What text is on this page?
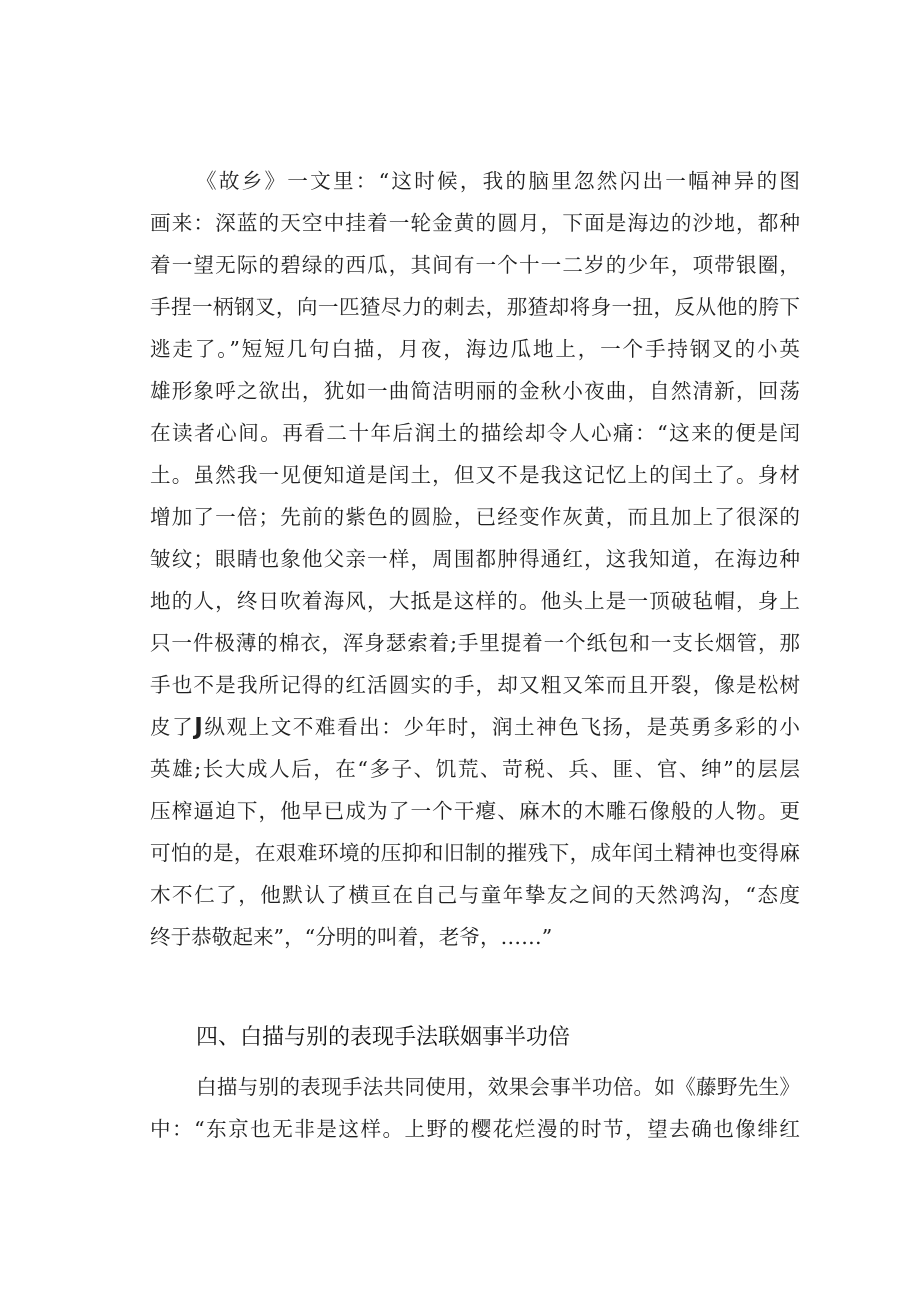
《故乡》一文里：“这时候，我的脑里忽然闪出一幅神异的图
画来：深蓝的天空中挂着一轮金黄的圆月，下面是海边的沙地，都种
着一望无际的碧绿的西瓜，其间有一个十一二岁的少年，项带银圈，
手捏一柄钢叉，向一匹猹尽力的刺去，那猹却将身一扭，反从他的胯下
逃走了。”短短几句白描，月夜，海边瓜地上，一个手持钢叉的小英
雄形象呼之欲出，犹如一曲简洁明丽的金秋小夜曲，自然清新，回荡
在读者心间。再看二十年后润土的描绘却令人心痛：“这来的便是闰
土。虽然我一见便知道是闰土，但又不是我这记忆上的闰土了。身材
增加了一倍；先前的紫色的圆脸，已经变作灰黄，而且加上了很深的
皱纹；眼睛也象他父亲一样，周围都肿得通红，这我知道，在海边种
地的人，终日吹着海风，大抵是这样的。他头上是一顶破毡帽，身上
只一件极薄的棉衣，浑身瑟索着;手里提着一个纸包和一支长烟管，那
手也不是我所记得的红活圆实的手，却又粗又笨而且开裂，像是松树
皮了J纵观上文不难看出：少年时，润土神色飞扬，是英勇多彩的小
英雄;长大成人后，在“多子、饥荒、苛税、兵、匪、官、绅”的层层
压榨逼迫下，他早已成为了一个干瘪、麻木的木雕石像般的人物。更
可怕的是，在艰难环境的压抑和旧制的摧残下，成年闰土精神也变得麻
木不仁了，他默认了横亘在自己与童年挚友之间的天然鸿沟，“态度
终于恭敬起来”，“分明的叫着，老爷，……”
四、白描与别的表现手法联姻事半功倍
白描与别的表现手法共同使用，效果会事半功倍。如《藤野先生》
中：“东京也无非是这样。上野的樱花烂漫的时节，望去确也像绯红
